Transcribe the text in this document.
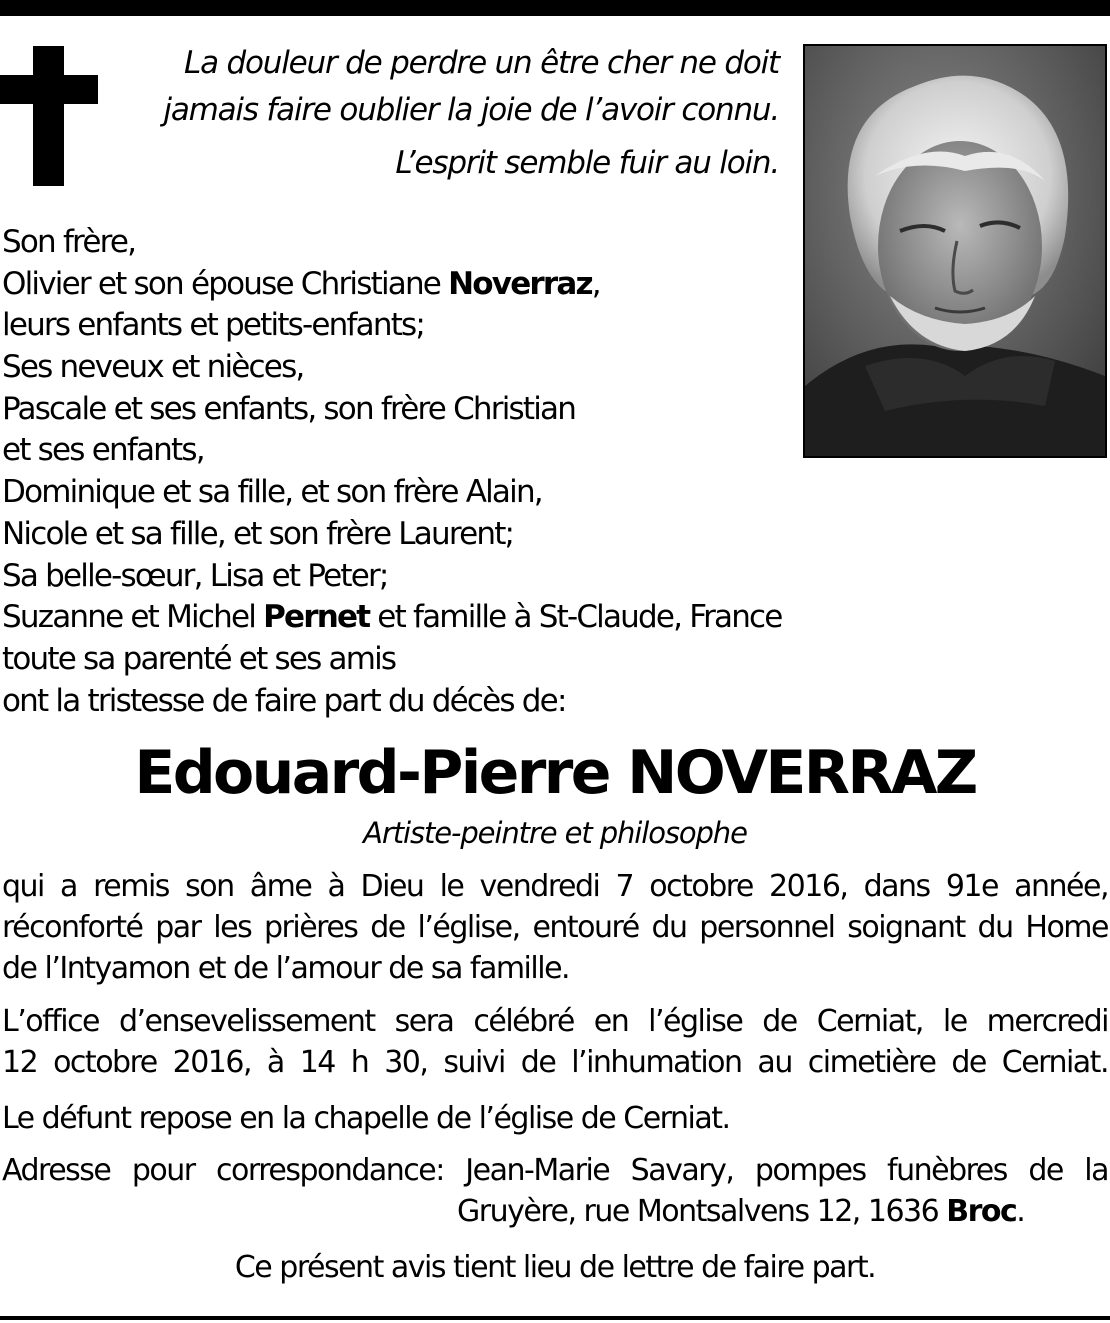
La douleur de perdre un être cher ne doit
jamais faire oublier la joie de l’avoir connu.
L’esprit semble fuir au loin.
Son frère,
Olivier et son épouse Christiane Noverraz,
leurs enfants et petits-enfants;
Ses neveux et nièces,
Pascale et ses enfants, son frère Christian
et ses enfants,
Dominique et sa fille, et son frère Alain,
Nicole et sa fille, et son frère Laurent;
Sa belle-sœur, Lisa et Peter;
Suzanne et Michel Pernet et famille à St-Claude, France
toute sa parenté et ses amis
ont la tristesse de faire part du décès de:
Edouard-Pierre NOVERRAZ
Artiste-peintre et philosophe

qui a remis son âme à Dieu le vendredi 7 octobre 2016, dans 91e année,
réconforté par les prières de l’église, entouré du personnel soignant du Home
de l’Intyamon et de l’amour de sa famille.

L’office d’ensevelissement sera célébré en l’église de Cerniat, le mercredi
12 octobre 2016, à 14 h 30, suivi de l’inhumation au cimetière de Cerniat.

Le défunt repose en la chapelle de l’église de Cerniat.

Adresse pour correspondance: Jean-Marie Savary, pompes funèbres de la
Gruyère, rue Montsalvens 12, 1636 Broc.

Ce présent avis tient lieu de lettre de faire part.
